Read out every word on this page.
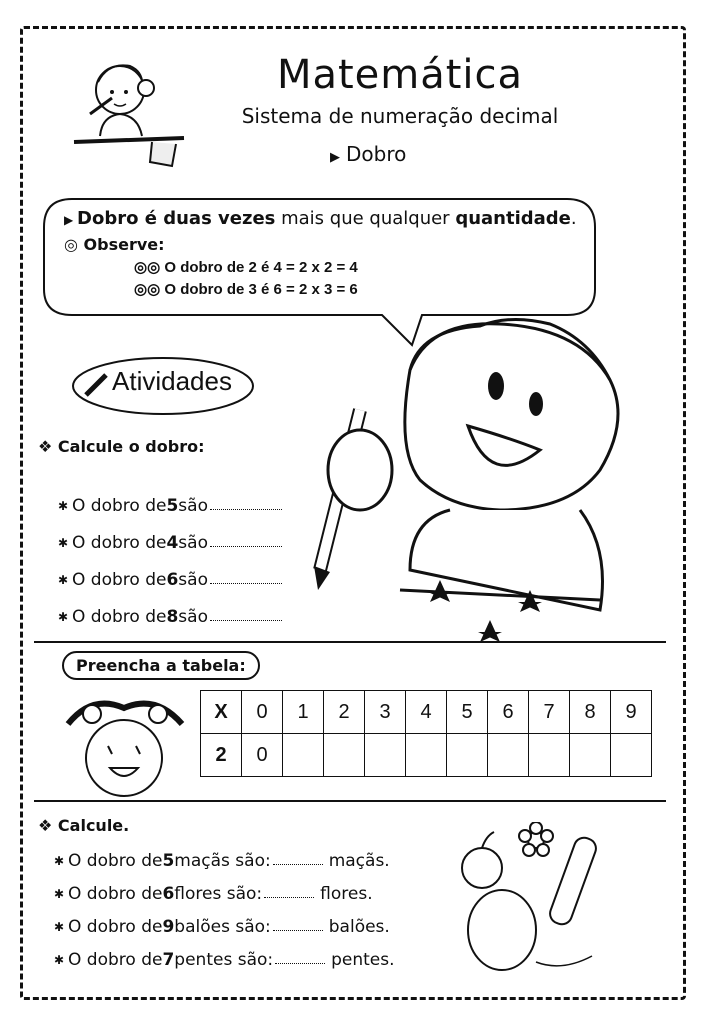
Matemática
Sistema de numeração decimal
▶ Dobro
▶ Dobro é duas vezes mais que qualquer quantidade.
◎ Observe:
◎◎ O dobro de 2 é 4 = 2 x 2 = 4
◎◎ O dobro de 3 é 6 = 2 x 3 = 6
Atividades
❖ Calcule o dobro:
✱ O dobro de 5 são
✱ O dobro de 4 são
✱ O dobro de 6 são
✱ O dobro de 8 são
Preencha a tabela:
X	0	1	2	3	4	5	6	7	8	9
2	0									
❖ Calcule.
✱ O dobro de 5 maçãs são:	maçãs.
✱ O dobro de 6 flores são:	flores.
✱ O dobro de 9 balões são:	balões.
✱ O dobro de 7 pentes são:	pentes.
